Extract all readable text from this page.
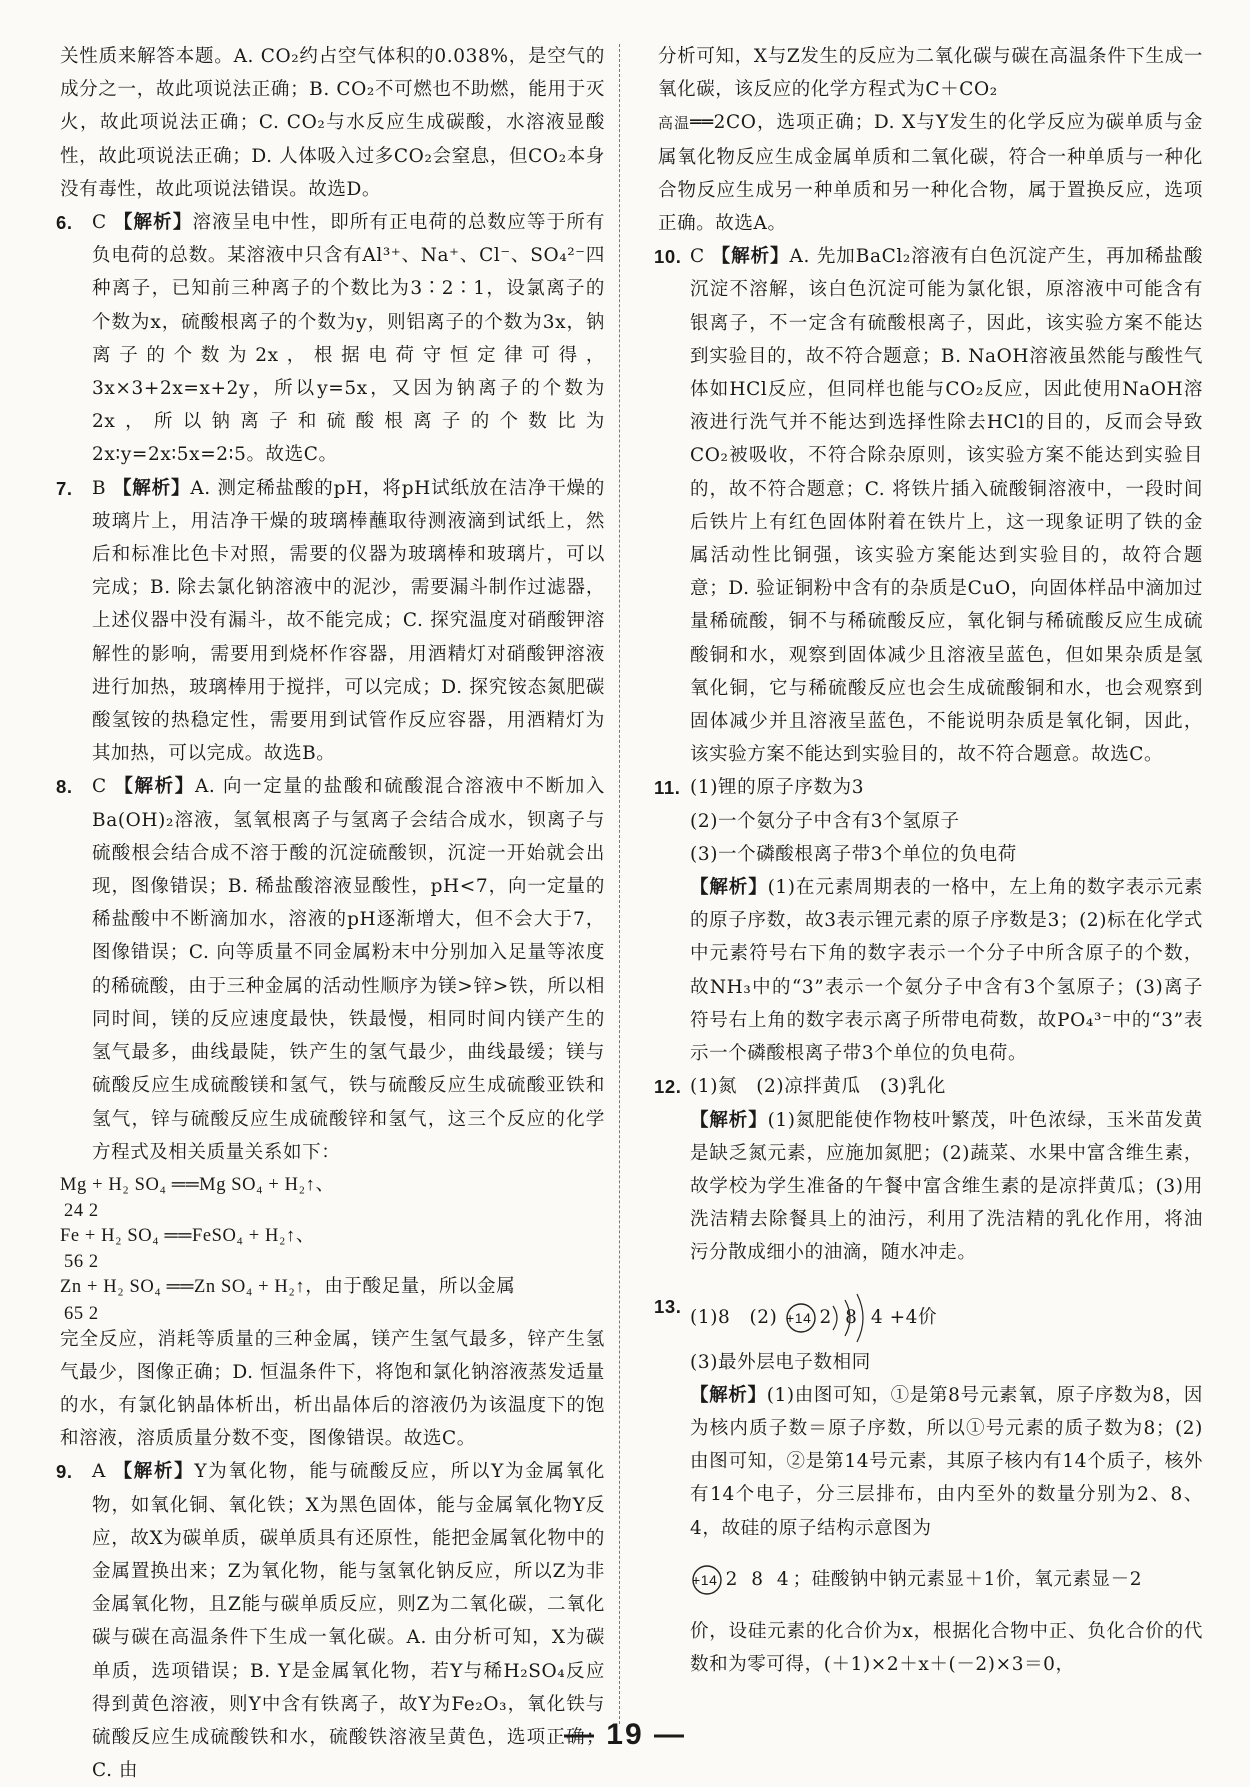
关性质来解答本题。A. CO₂约占空气体积的0.038%，是空气的成分之一，故此项说法正确；B. CO₂不可燃也不助燃，能用于灭火，故此项说法正确；C. CO₂与水反应生成碳酸，水溶液显酸性，故此项说法正确；D. 人体吸入过多CO₂会窒息，但CO₂本身没有毒性，故此项说法错误。故选D。

6. C 【解析】溶液呈电中性，即所有正电荷的总数应等于所有负电荷的总数。某溶液中只含有Al³⁺、Na⁺、Cl⁻、SO₄²⁻四种离子，已知前三种离子的个数比为3∶2∶1，设氯离子的个数为x，硫酸根离子的个数为y，则铝离子的个数为3x，钠离子的个数为2x，根据电荷守恒定律可得，3x×3+2x=x+2y，所以y=5x，又因为钠离子的个数为2x，所以钠离子和硫酸根离子的个数比为2x∶y=2x∶5x=2∶5。故选C。

7. B 【解析】A. 测定稀盐酸的pH，将pH试纸放在洁净干燥的玻璃片上，用洁净干燥的玻璃棒蘸取待测液滴到试纸上，然后和标准比色卡对照，需要的仪器为玻璃棒和玻璃片，可以完成；B. 除去氯化钠溶液中的泥沙，需要漏斗制作过滤器，上述仪器中没有漏斗，故不能完成；C. 探究温度对硝酸钾溶解性的影响，需要用到烧杯作容器，用酒精灯对硝酸钾溶液进行加热，玻璃棒用于搅拌，可以完成；D. 探究铵态氮肥碳酸氢铵的热稳定性，需要用到试管作反应容器，用酒精灯为其加热，可以完成。故选B。

8. C 【解析】A. 向一定量的盐酸和硫酸混合溶液中不断加入Ba(OH)₂溶液，氢氧根离子与氢离子会结合成水，钡离子与硫酸根会结合成不溶于酸的沉淀硫酸钡，沉淀一开始就会出现，图像错误；B. 稀盐酸溶液显酸性，pH<7，向一定量的稀盐酸中不断滴加水，溶液的pH逐渐增大，但不会大于7，图像错误；C. 向等质量不同金属粉末中分别加入足量等浓度的稀硫酸，由于三种金属的活动性顺序为镁>锌>铁，所以相同时间，镁的反应速度最快，铁最慢，相同时间内镁产生的氢气最多，曲线最陡，铁产生的氢气最少，曲线最缓；镁与硫酸反应生成硫酸镁和氢气，铁与硫酸反应生成硫酸亚铁和氢气，锌与硫酸反应生成硫酸锌和氢气，这三个反应的化学方程式及相关质量关系如下：

Mg + H₂ SO₄ ══Mg SO₄ + H₂↑、
24 2
Fe + H₂ SO₄ ══FeSO₄ + H₂↑、
56 2
Zn + H₂ SO₄ ══Zn SO₄ + H₂↑，由于酸足量，所以金属
65 2

完全反应，消耗等质量的三种金属，镁产生氢气最多，锌产生氢气最少，图像正确；D. 恒温条件下，将饱和氯化钠溶液蒸发适量的水，有氯化钠晶体析出，析出晶体后的溶液仍为该温度下的饱和溶液，溶质质量分数不变，图像错误。故选C。

9. A 【解析】Y为氧化物，能与硫酸反应，所以Y为金属氧化物，如氧化铜、氧化铁；X为黑色固体，能与金属氧化物Y反应，故X为碳单质，碳单质具有还原性，能把金属氧化物中的金属置换出来；Z为氧化物，能与氢氧化钠反应，所以Z为非金属氧化物，且Z能与碳单质反应，则Z为二氧化碳，二氧化碳与碳在高温条件下生成一氧化碳。A. 由分析可知，X为碳单质，选项错误；B. Y是金属氧化物，若Y与稀H₂SO₄反应得到黄色溶液，则Y中含有铁离子，故Y为Fe₂O₃，氧化铁与硫酸反应生成硫酸铁和水，硫酸铁溶液呈黄色，选项正确；C. 由

分析可知，X与Z发生的反应为二氧化碳与碳在高温条件下生成一氧化碳，该反应的化学方程式为C＋CO₂
高温══2CO，选项正确；D. X与Y发生的化学反应为碳单质与金属氧化物反应生成金属单质和二氧化碳，符合一种单质与一种化合物反应生成另一种单质和另一种化合物，属于置换反应，选项正确。故选A。

10. C 【解析】A. 先加BaCl₂溶液有白色沉淀产生，再加稀盐酸沉淀不溶解，该白色沉淀可能为氯化银，原溶液中可能含有银离子，不一定含有硫酸根离子，因此，该实验方案不能达到实验目的，故不符合题意；B. NaOH溶液虽然能与酸性气体如HCl反应，但同样也能与CO₂反应，因此使用NaOH溶液进行洗气并不能达到选择性除去HCl的目的，反而会导致CO₂被吸收，不符合除杂原则，该实验方案不能达到实验目的，故不符合题意；C. 将铁片插入硫酸铜溶液中，一段时间后铁片上有红色固体附着在铁片上，这一现象证明了铁的金属活动性比铜强，该实验方案能达到实验目的，故符合题意；D. 验证铜粉中含有的杂质是CuO，向固体样品中滴加过量稀硫酸，铜不与稀硫酸反应，氧化铜与稀硫酸反应生成硫酸铜和水，观察到固体减少且溶液呈蓝色，但如果杂质是氢氧化铜，它与稀硫酸反应也会生成硫酸铜和水，也会观察到固体减少并且溶液呈蓝色，不能说明杂质是氧化铜，因此，该实验方案不能达到实验目的，故不符合题意。故选C。

11. (1)锂的原子序数为3

(2)一个氨分子中含有3个氢原子

(3)一个磷酸根离子带3个单位的负电荷

【解析】(1)在元素周期表的一格中，左上角的数字表示元素的原子序数，故3表示锂元素的原子序数是3；(2)标在化学式中元素符号右下角的数字表示一个分子中所含原子的个数，故NH₃中的“3”表示一个氨分子中含有3个氢原子；(3)离子符号右上角的数字表示离子所带电荷数，故PO₄³⁻中的“3”表示一个磷酸根离子带3个单位的负电荷。

12. (1)氮　(2)凉拌黄瓜　(3)乳化

【解析】(1)氮肥能使作物枝叶繁茂，叶色浓绿，玉米苗发黄是缺乏氮元素，应施加氮肥；(2)蔬菜、水果中富含维生素，故学校为学生准备的午餐中富含维生素的是凉拌黄瓜；(3)用洗洁精去除餐具上的油污，利用了洗洁精的乳化作用，将油污分散成细小的油滴，随水冲走。

13.

(1)8　(2) +14 2 8 4 +4价

(3)最外层电子数相同

【解析】(1)由图可知，①是第8号元素氧，原子序数为8，因为核内质子数＝原子序数，所以①号元素的质子数为8；(2)由图可知，②是第14号元素，其原子核内有14个质子，核外有14个电子，分三层排布，由内至外的数量分别为2、8、4，故硅的原子结构示意图为

+14 2 8 4；硅酸钠中钠元素显＋1价，氧元素显－2

价，设硅元素的化合价为x，根据化合物中正、负化合价的代数和为零可得，(＋1)×2＋x＋(－2)×3＝0，

— 19 —
